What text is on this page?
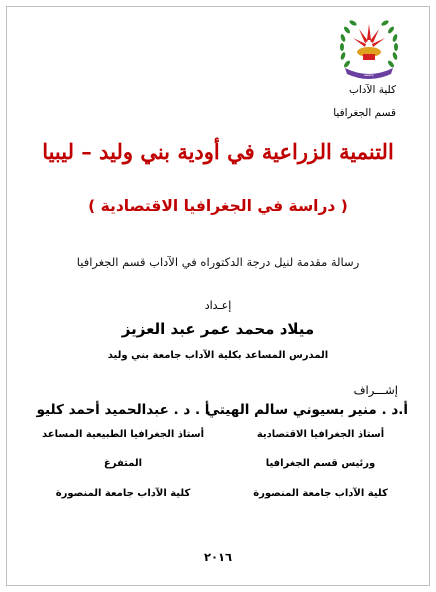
جامعة
كلية الآداب
قسم الجغرافيا
التنمية الزراعية في أودية بني وليد – ليبيا
( دراسة في الجغرافيا الاقتصادية )
رسالة مقدمة لنيل درجة الدكتوراه في الآداب قسم الجغرافيا
إعـداد
ميلاد محمد عمر عبد العزيز
المدرس المساعد بكلية الآداب جامعة بني وليد
إشـــراف
أ.د . منير بسيوني سالم الهيتي
أستاذ الجغرافيا الاقتصادية
ورئيس قسم الجغرافيا
كلية الآداب جامعة المنصورة
أ . د . عبدالحميد أحمد كليو
أستاذ الجغرافيا الطبيعية المساعد
المتفرغ
كلية الآداب جامعة المنصورة
٢٠١٦
